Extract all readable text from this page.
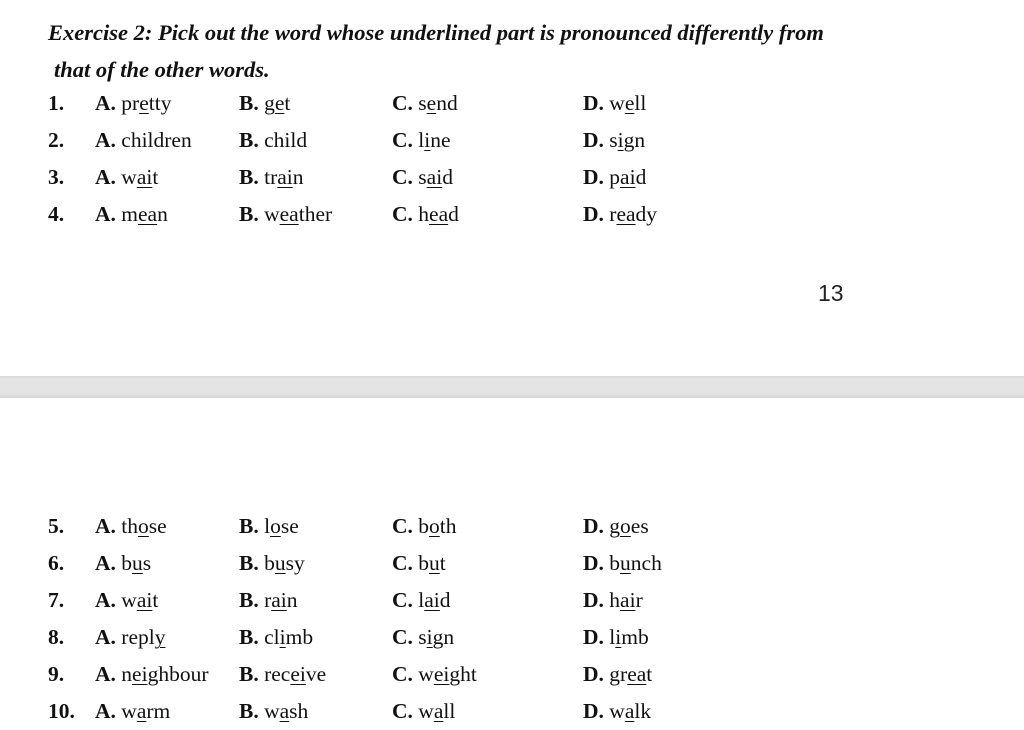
Exercise 2: Pick out the word whose underlined part is pronounced differently from
that of the other words.
1. A. pretty	B. get	C. send	D. well
2. A. children B. child	C. line	D. sign
3. A. wait	B. train	C. said	D. paid
4. A. mean	B. weather	C. head	D. ready
13
5. A. those	B. lose	C. both	D. goes
6. A. bus	B. busy	C. but	D. bunch
7. A. wait	B. rain	C. laid	D. hair
8. A. reply	B. climb	C. sign	D. limb
9. A. neighbour B. receive	C. weight	D. great
10. A. warm	B. wash	C. wall	D. walk
